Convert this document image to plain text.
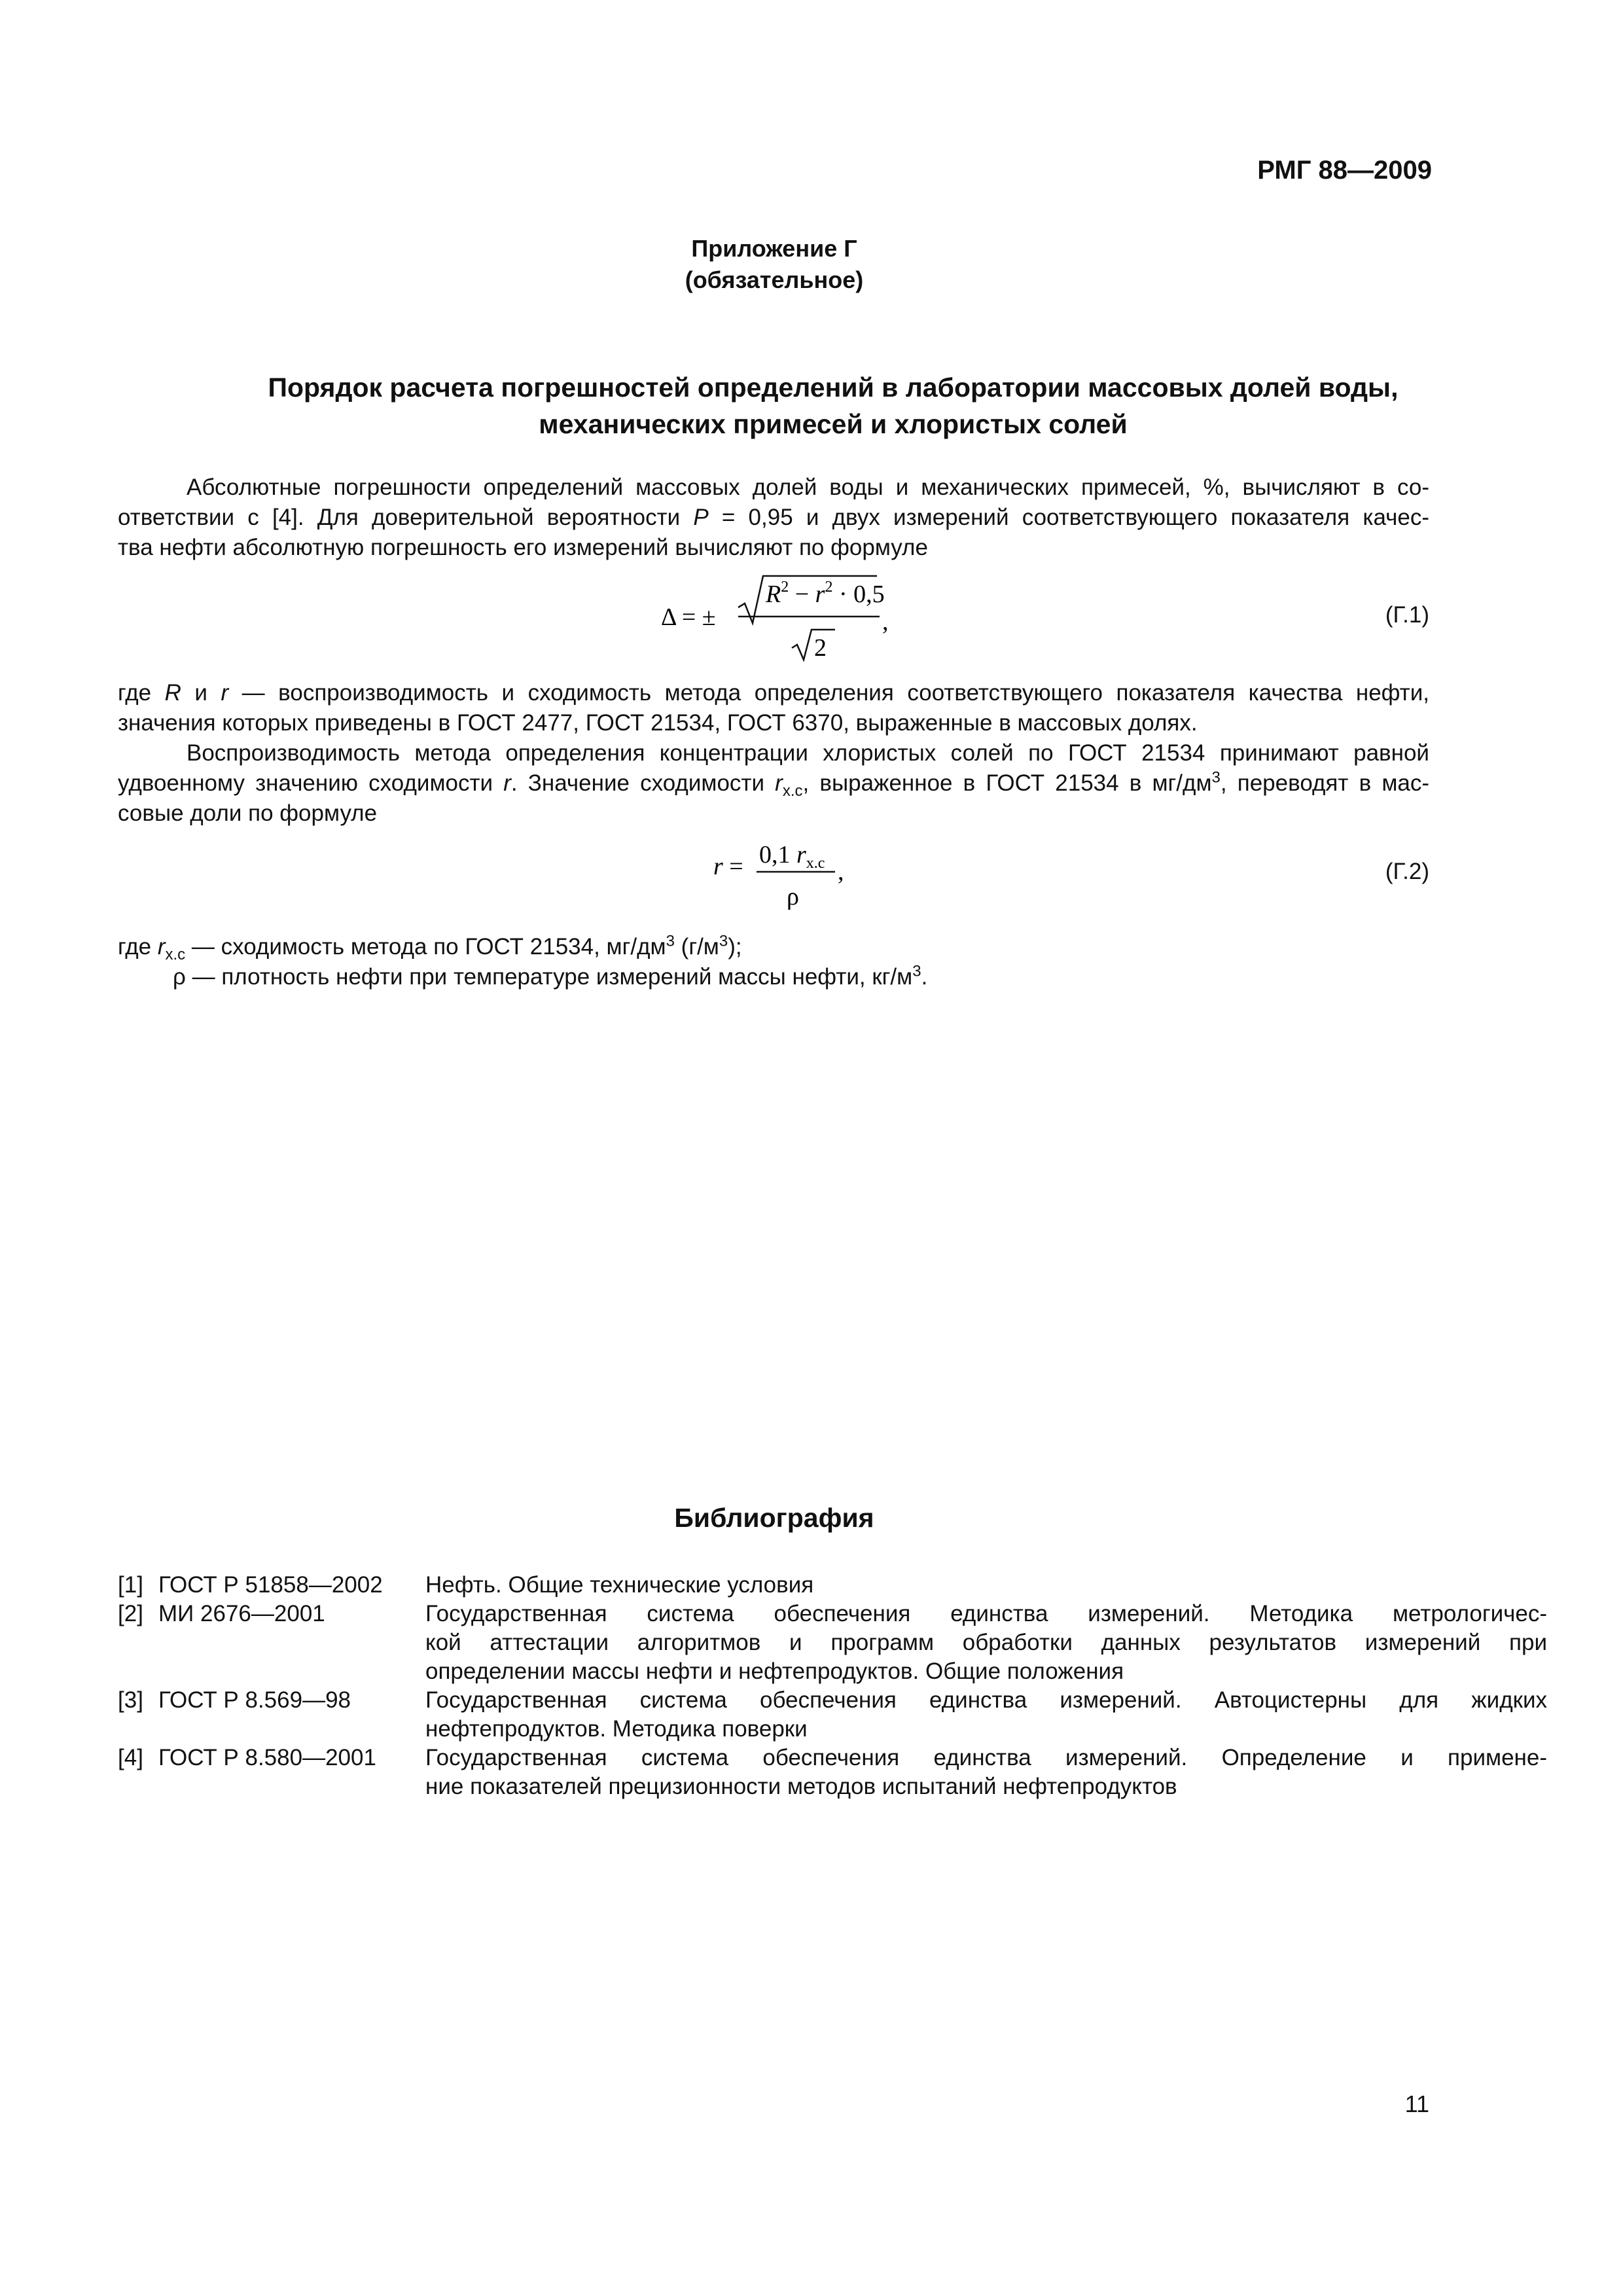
РМГ 88—2009
Приложение Г
(обязательное)
Порядок расчета погрешностей определений в лаборатории массовых долей воды,
механических примесей и хлористых солей
Абсолютные погрешности определений массовых долей воды и механических примесей, %, вычисляют в со-
ответствии с [4]. Для доверительной вероятности P = 0,95 и двух измерений соответствующего показателя качес-
тва нефти абсолютную погрешность его измерений вычисляют по формуле
Δ = ±
$R^2 - r^2 \cdot 0,5$
2
,	(Г.1)
где R и r — воспроизводимость и сходимость метода определения соответствующего показателя качества нефти,
значения которых приведены в ГОСТ 2477, ГОСТ 21534, ГОСТ 6370, выраженные в массовых долях.
Воспроизводимость метода определения концентрации хлористых солей по ГОСТ 21534 принимают равной
удвоенному значению сходимости r. Значение сходимости $r_{х.с}$, выраженное в ГОСТ 21534 в $мг/дм^3$, переводят в мас-
совые доли по формуле
r = 0,1 $r_{х.с}$
ρ
,	(Г.2)
где $r_{х.с}$ — сходимость метода по ГОСТ 21534, $мг/дм^3$ $(г/м^3)$;
ρ — плотность нефти при температуре измерений массы нефти, $кг/м^3$.
Библиография
[1] ГОСТ Р 51858—2002	Нефть. Общие технические условия
[2] МИ 2676—2001	Государственная система обеспечения единства измерений. Методика метрологичес-
кой аттестации алгоритмов и программ обработки данных результатов измерений при
определении массы нефти и нефтепродуктов. Общие положения
[3] ГОСТ Р 8.569—98	Государственная система обеспечения единства измерений. Автоцистерны для жидких
нефтепродуктов. Методика поверки
[4] ГОСТ Р 8.580—2001	Государственная система обеспечения единства измерений. Определение и примене-
ние показателей прецизионности методов испытаний нефтепродуктов
11
